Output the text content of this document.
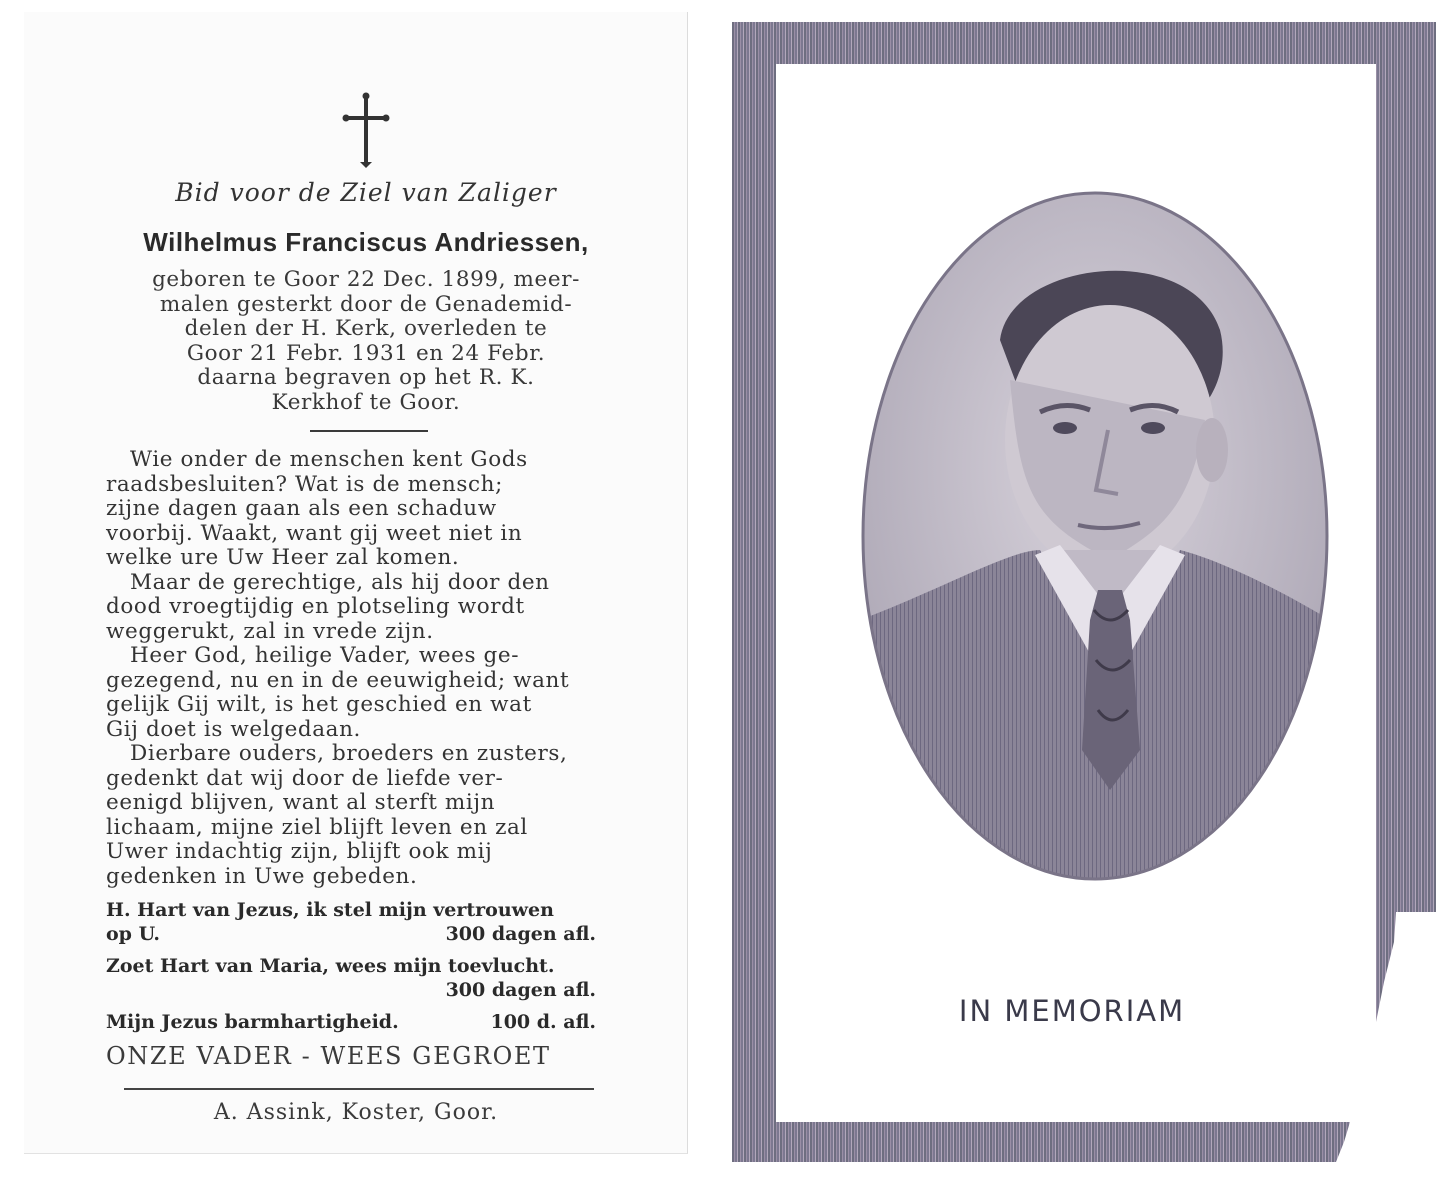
Bid voor de Ziel van Zaliger
Wilhelmus Franciscus Andriessen,
geboren te Goor 22 Dec. 1899, meer-
malen gesterkt door de Genademid-
delen der H. Kerk, overleden te
Goor 21 Febr. 1931 en 24 Febr.
daarna begraven op het R. K.
Kerkhof te Goor.
Wie onder de menschen kent Gods
raadsbesluiten? Wat is de mensch;
zijne dagen gaan als een schaduw
voorbij. Waakt, want gij weet niet in
welke ure Uw Heer zal komen.
Maar de gerechtige, als hij door den
dood vroegtijdig en plotseling wordt
weggerukt, zal in vrede zijn.
Heer God, heilige Vader, wees ge-
gezegend, nu en in de eeuwigheid; want
gelijk Gij wilt, is het geschied en wat
Gij doet is welgedaan.
Dierbare ouders, broeders en zusters,
gedenkt dat wij door de liefde ver-
eenigd blijven, want al sterft mijn
lichaam, mijne ziel blijft leven en zal
Uwer indachtig zijn, blijft ook mij
gedenken in Uwe gebeden.
H. Hart van Jezus, ik stel mijn vertrouwen
op U.	300 dagen afl.
Zoet Hart van Maria, wees mijn toevlucht.
300 dagen afl.
Mijn Jezus barmhartigheid.	100 d. afl.
ONZE VADER - WEES GEGROET
A. Assink, Koster, Goor.
IN MEMORIAM
